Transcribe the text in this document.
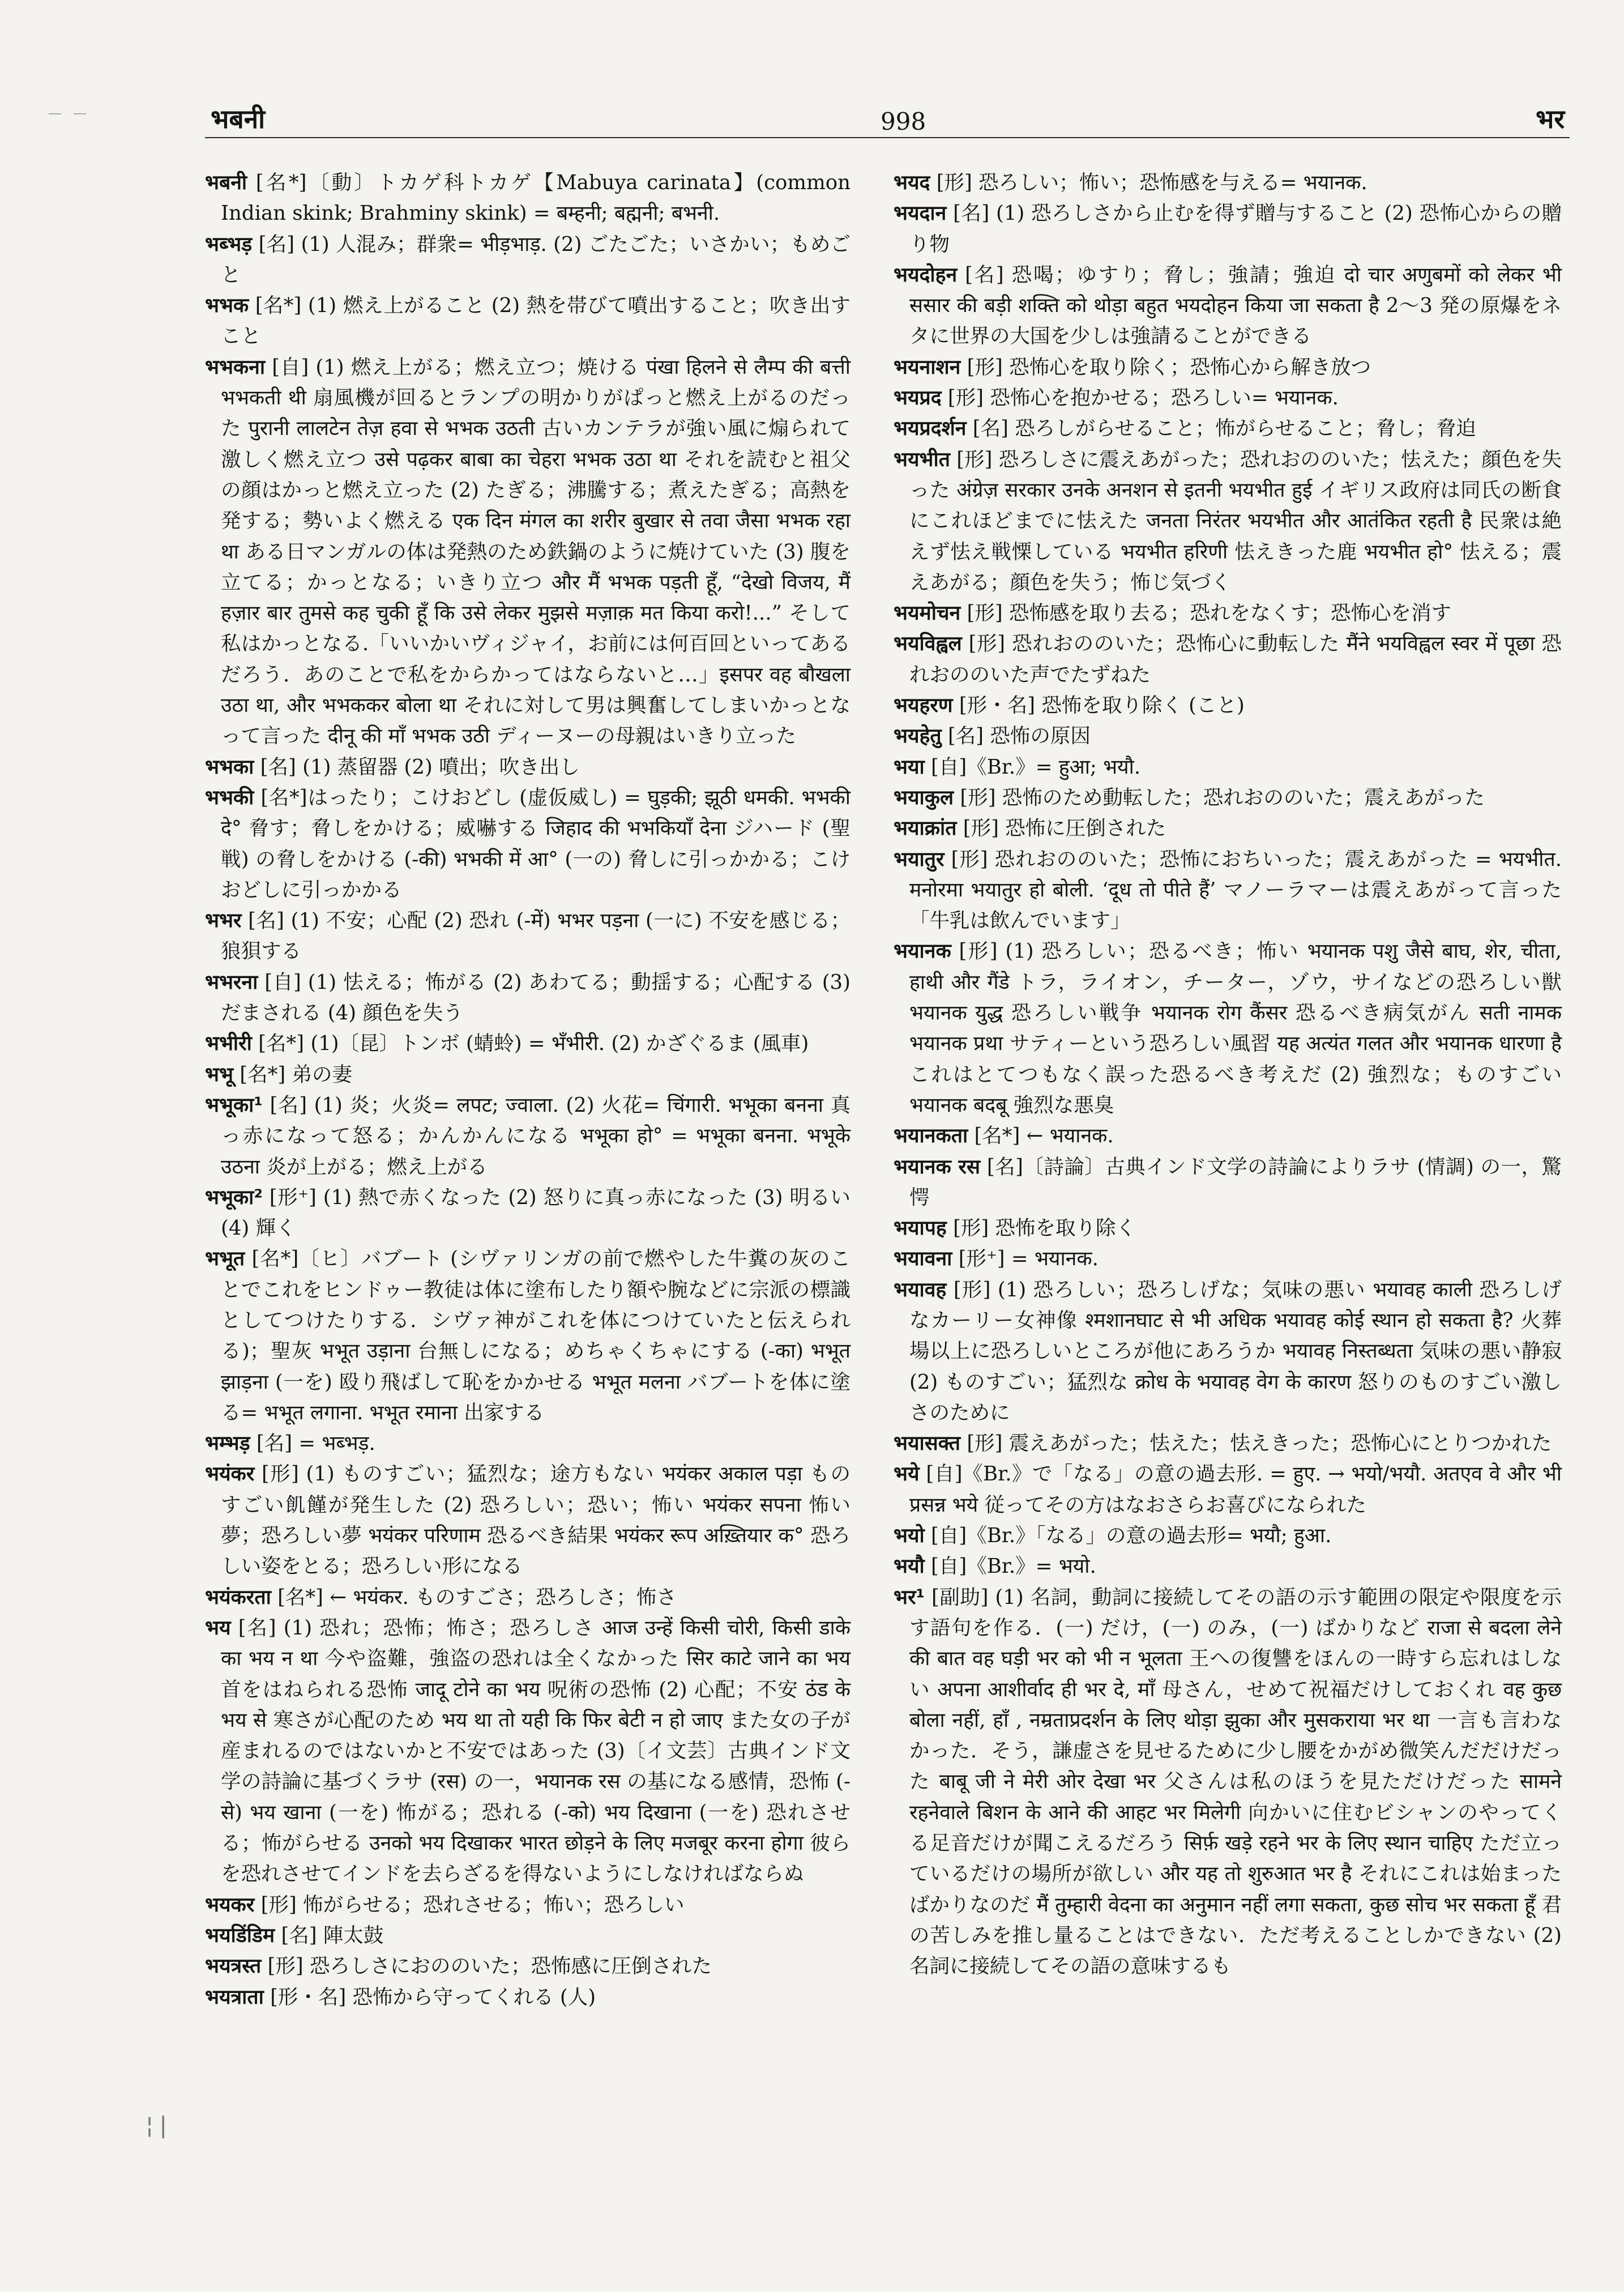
भबनी	998	भर

भबनी [名*]〔動〕トカゲ科トカゲ【Mabuya carinata】(common Indian skink; Brahminy skink) = बम्हनी; बह्मनी; बभनी.

भब्भड़ [名] (1) 人混み；群衆= भीड़भाड़. (2) ごたごた；いさかい；もめごと

भभक [名*] (1) 燃え上がること (2) 熱を帯びて噴出すること；吹き出すこと

भभकना [自] (1) 燃え上がる；燃え立つ；焼ける पंखा हिलने से लैम्प की बत्ती भभकती थी 扇風機が回るとランプの明かりがぱっと燃え上がるのだった पुरानी लालटेन तेज़ हवा से भभक उठती 古いカンテラが強い風に煽られて激しく燃え立つ उसे पढ़कर बाबा का चेहरा भभक उठा था それを読むと祖父の顔はかっと燃え立った (2) たぎる；沸騰する；煮えたぎる；高熱を発する；勢いよく燃える एक दिन मंगल का शरीर बुखार से तवा जैसा भभक रहा था ある日マンガルの体は発熱のため鉄鍋のように焼けていた (3) 腹を立てる；かっとなる；いきり立つ और मैं भभक पड़ती हूँ, “देखो विजय, मैं हज़ार बार तुमसे कह चुकी हूँ कि उसे लेकर मुझसे मज़ाक़ मत किया करो!...” そして私はかっとなる.「いいかいヴィジャイ，お前には何百回といってあるだろう．あのことで私をからかってはならないと…」इसपर वह बौखला उठा था, और भभककर बोला था それに対して男は興奮してしまいかっとなって言った दीनू की माँ भभक उठी ディーヌーの母親はいきり立った

भभका [名] (1) 蒸留器 (2) 噴出；吹き出し

भभकी [名*]はったり；こけおどし (虚仮威し) = घुड़की; झूठी धमकी. भभकी दे° 脅す；脅しをかける；威嚇する जिहाद की भभकियाँ देना ジハード (聖戦) の脅しをかける (-की) भभकी में आ° (一の) 脅しに引っかかる；こけおどしに引っかかる

भभर [名] (1) 不安；心配 (2) 恐れ (-में) भभर पड़ना (一に) 不安を感じる；狼狽する

भभरना [自] (1) 怯える；怖がる (2) あわてる；動揺する；心配する (3) だまされる (4) 顔色を失う

भभीरी [名*] (1)〔昆〕トンボ (蜻蛉) = भँभीरी. (2) かざぐるま (風車)

भभू [名*] 弟の妻

भभूका¹ [名] (1) 炎；火炎= लपट; ज्वाला. (2) 火花= चिंगारी. भभूका बनना 真っ赤になって怒る；かんかんになる भभूका हो° = भभूका बनना. भभूके उठना 炎が上がる；燃え上がる

भभूका² [形⁺] (1) 熱で赤くなった (2) 怒りに真っ赤になった (3) 明るい (4) 輝く

भभूत [名*]〔ヒ〕バブート (シヴァリンガの前で燃やした牛糞の灰のことでこれをヒンドゥー教徒は体に塗布したり額や腕などに宗派の標識としてつけたりする．シヴァ神がこれを体につけていたと伝えられる)；聖灰 भभूत उड़ाना 台無しになる；めちゃくちゃにする (-का) भभूत झाड़ना (一を) 殴り飛ばして恥をかかせる भभूत मलना バブートを体に塗る= भभूत लगाना. भभूत रमाना 出家する

भम्भड़ [名] = भब्भड़.

भयंकर [形] (1) ものすごい；猛烈な；途方もない भयंकर अकाल पड़ा ものすごい飢饉が発生した (2) 恐ろしい；恐い；怖い भयंकर सपना 怖い夢；恐ろしい夢 भयंकर परिणाम 恐るべき結果 भयंकर रूप अख़्तियार क° 恐ろしい姿をとる；恐ろしい形になる

भयंकरता [名*] ← भयंकर. ものすごさ；恐ろしさ；怖さ

भय [名] (1) 恐れ；恐怖；怖さ；恐ろしさ आज उन्हें किसी चोरी, किसी डाके का भय न था 今や盗難，強盗の恐れは全くなかった सिर काटे जाने का भय 首をはねられる恐怖 जादू टोने का भय 呪術の恐怖 (2) 心配；不安 ठंड के भय से 寒さが心配のため भय था तो यही कि फिर बेटी न हो जाए また女の子が産まれるのではないかと不安ではあった (3)〔イ文芸〕古典インド文学の詩論に基づくラサ (रस) の一，भयानक रस の基になる感情，恐怖 (-से) भय खाना (一を) 怖がる；恐れる (-को) भय दिखाना (一を) 恐れさせる；怖がらせる उनको भय दिखाकर भारत छोड़ने के लिए मजबूर करना होगा 彼らを恐れさせてインドを去らざるを得ないようにしなければならぬ

भयकर [形] 怖がらせる；恐れさせる；怖い；恐ろしい

भयडिंडिम [名] 陣太鼓

भयत्रस्त [形] 恐ろしさにおののいた；恐怖感に圧倒された

भयत्राता [形・名] 恐怖から守ってくれる (人)

भयद [形] 恐ろしい；怖い；恐怖感を与える= भयानक.

भयदान [名] (1) 恐ろしさから止むを得ず贈与すること (2) 恐怖心からの贈り物

भयदोहन [名] 恐喝；ゆすり；脅し；強請；強迫 दो चार अणुबमों को लेकर भी ससार की बड़ी शक्ति को थोड़ा बहुत भयदोहन किया जा सकता है 2〜3 発の原爆をネタに世界の大国を少しは強請ることができる

भयनाशन [形] 恐怖心を取り除く；恐怖心から解き放つ

भयप्रद [形] 恐怖心を抱かせる；恐ろしい= भयानक.

भयप्रदर्शन [名] 恐ろしがらせること；怖がらせること；脅し；脅迫

भयभीत [形] 恐ろしさに震えあがった；恐れおののいた；怯えた；顔色を失った अंग्रेज़ सरकार उनके अनशन से इतनी भयभीत हुई イギリス政府は同氏の断食にこれほどまでに怯えた जनता निरंतर भयभीत और आतंकित रहती है 民衆は絶えず怯え戦慄している भयभीत हरिणी 怯えきった鹿 भयभीत हो° 怯える；震えあがる；顔色を失う；怖じ気づく

भयमोचन [形] 恐怖感を取り去る；恐れをなくす；恐怖心を消す

भयविह्वल [形] 恐れおののいた；恐怖心に動転した मैंने भयविह्वल स्वर में पूछा 恐れおののいた声でたずねた

भयहरण [形・名] 恐怖を取り除く (こと)

भयहेतु [名] 恐怖の原因

भया [自]《Br.》= हुआ; भयौ.

भयाकुल [形] 恐怖のため動転した；恐れおののいた；震えあがった

भयाक्रांत [形] 恐怖に圧倒された

भयातुर [形] 恐れおののいた；恐怖におちいった；震えあがった = भयभीत. मनोरमा भयातुर हो बोली. ‘दूध तो पीते हैं’ マノーラマーは震えあがって言った「牛乳は飲んでいます」

भयानक [形] (1) 恐ろしい；恐るべき；怖い भयानक पशु जैसे बाघ, शेर, चीता, हाथी और गैंडे トラ，ライオン，チーター，ゾウ，サイなどの恐ろしい獣 भयानक युद्ध 恐ろしい戦争 भयानक रोग कैंसर 恐るべき病気がん सती नामक भयानक प्रथा サティーという恐ろしい風習 यह अत्यंत गलत और भयानक धारणा है これはとてつもなく誤った恐るべき考えだ (2) 強烈な；ものすごい भयानक बदबू 強烈な悪臭

भयानकता [名*] ← भयानक.

भयानक रस [名]〔詩論〕古典インド文学の詩論によりラサ (情調) の一，驚愕

भयापह [形] 恐怖を取り除く

भयावना [形⁺] = भयानक.

भयावह [形] (1) 恐ろしい；恐ろしげな；気味の悪い भयावह काली 恐ろしげなカーリー女神像 श्मशानघाट से भी अधिक भयावह कोई स्थान हो सकता है? 火葬場以上に恐ろしいところが他にあろうか भयावह निस्तब्धता 気味の悪い静寂 (2) ものすごい；猛烈な क्रोध के भयावह वेग के कारण 怒りのものすごい激しさのために

भयासक्त [形] 震えあがった；怯えた；怯えきった；恐怖心にとりつかれた

भये [自]《Br.》で「なる」の意の過去形. = हुए. → भयो/भयौ. अतएव वे और भी प्रसन्न भये 従ってその方はなおさらお喜びになられた

भयो [自]《Br.》「なる」の意の過去形= भयौ; हुआ.

भयौ [自]《Br.》= भयो.

भर¹ [副助] (1) 名詞，動詞に接続してその語の示す範囲の限定や限度を示す語句を作る．(一) だけ，(一) のみ，(一) ばかりなど राजा से बदला लेने की बात वह घड़ी भर को भी न भूलता 王への復讐をほんの一時すら忘れはしない अपना आशीर्वाद ही भर दे, माँ 母さん，せめて祝福だけしておくれ वह कुछ बोला नहीं, हाँ , नम्रताप्रदर्शन के लिए थोड़ा झुका और मुसकराया भर था 一言も言わなかった．そう，謙虚さを見せるために少し腰をかがめ微笑んだだけだった बाबू जी ने मेरी ओर देखा भर 父さんは私のほうを見ただけだった सामने रहनेवाले बिशन के आने की आहट भर मिलेगी 向かいに住むビシャンのやってくる足音だけが聞こえるだろう सिर्फ़ खड़े रहने भर के लिए स्थान चाहिए ただ立っているだけの場所が欲しい और यह तो शुरुआत भर है それにこれは始まったばかりなのだ मैं तुम्हारी वेदना का अनुमान नहीं लगा सकता, कुछ सोच भर सकता हूँ 君の苦しみを推し量ることはできない．ただ考えることしかできない (2) 名詞に接続してその語の意味するも

¦|
